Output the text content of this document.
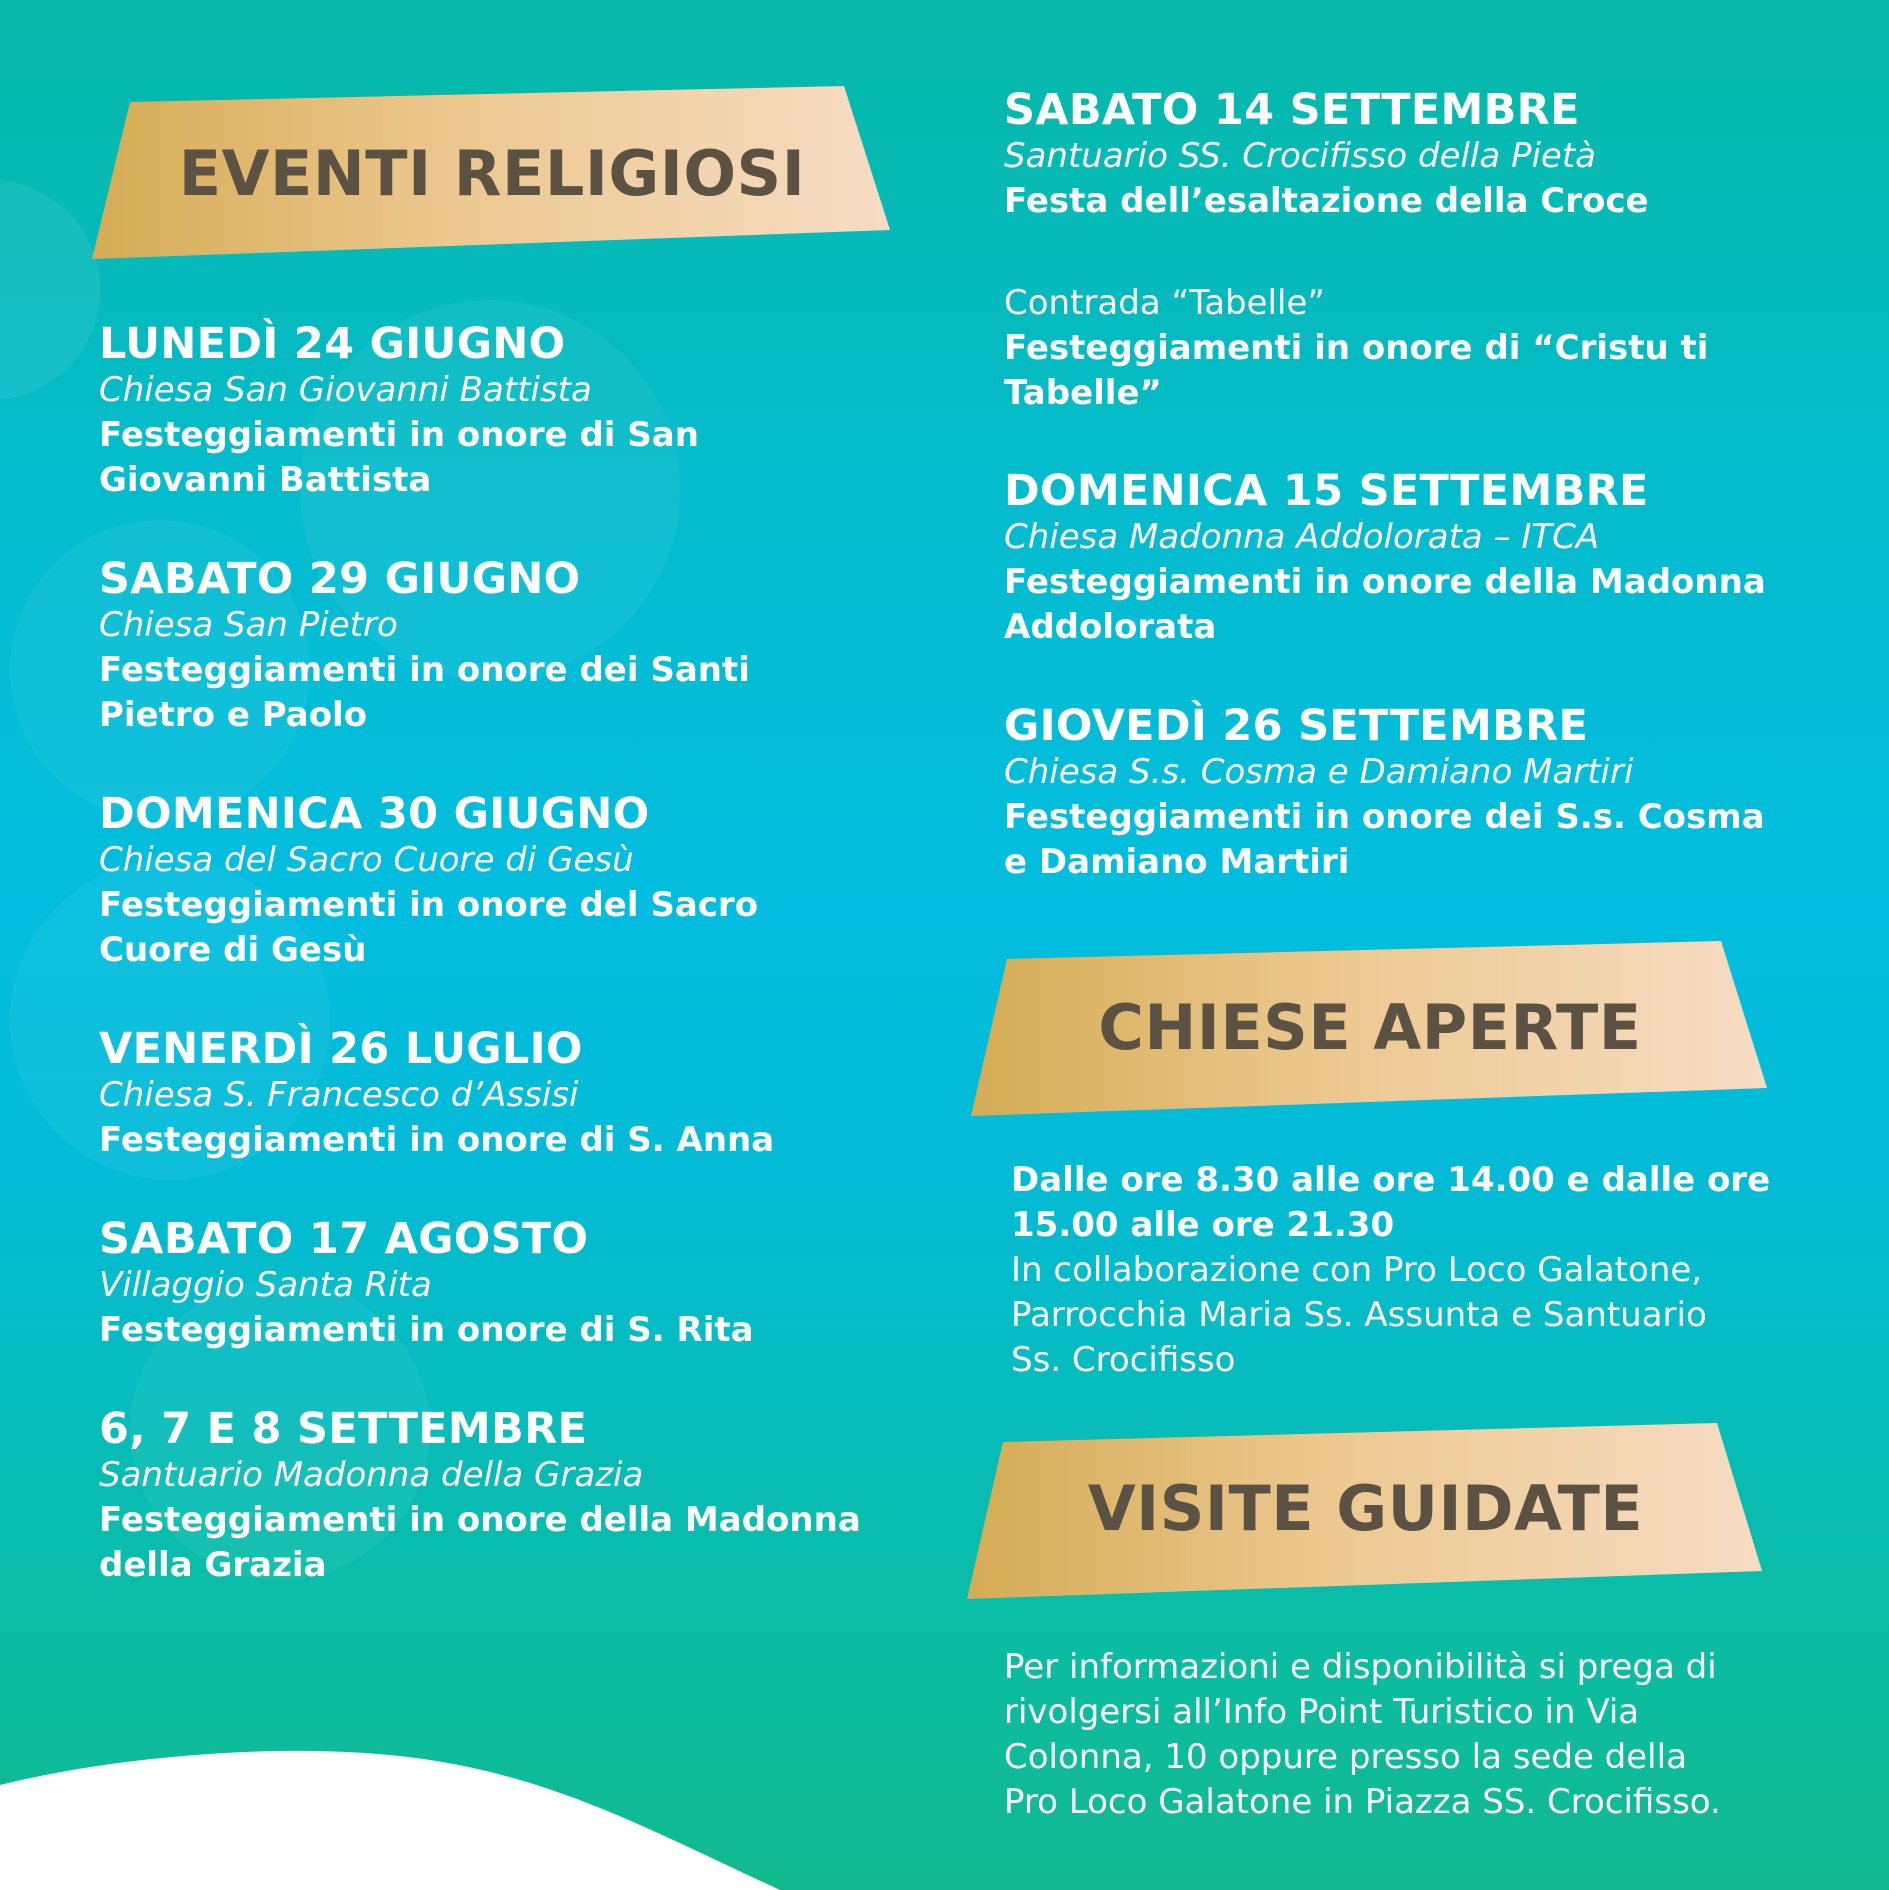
EVENTI RELIGIOSI
LUNEDÌ 24 GIUGNO
Chiesa San Giovanni Battista
Festeggiamenti in onore di San
Giovanni Battista
SABATO 29 GIUGNO
Chiesa San Pietro
Festeggiamenti in onore dei Santi
Pietro e Paolo
DOMENICA 30 GIUGNO
Chiesa del Sacro Cuore di Gesù
Festeggiamenti in onore del Sacro
Cuore di Gesù
VENERDÌ 26 LUGLIO
Chiesa S. Francesco d’Assisi
Festeggiamenti in onore di S. Anna
SABATO 17 AGOSTO
Villaggio Santa Rita
Festeggiamenti in onore di S. Rita
6, 7 E 8 SETTEMBRE
Santuario Madonna della Grazia
Festeggiamenti in onore della Madonna
della Grazia
SABATO 14 SETTEMBRE
Santuario SS. Crocifisso della Pietà
Festa dell’esaltazione della Croce
Contrada “Tabelle”
Festeggiamenti in onore di “Cristu ti
Tabelle”
DOMENICA 15 SETTEMBRE
Chiesa Madonna Addolorata – ITCA
Festeggiamenti in onore della Madonna
Addolorata
GIOVEDÌ 26 SETTEMBRE
Chiesa S.s. Cosma e Damiano Martiri
Festeggiamenti in onore dei S.s. Cosma
e Damiano Martiri
CHIESE APERTE
Dalle ore 8.30 alle ore 14.00 e dalle ore
15.00 alle ore 21.30
In collaborazione con Pro Loco Galatone,
Parrocchia Maria Ss. Assunta e Santuario
Ss. Crocifisso
VISITE GUIDATE
Per informazioni e disponibilità si prega di
rivolgersi all’Info Point Turistico in Via
Colonna, 10 oppure presso la sede della
Pro Loco Galatone in Piazza SS. Crocifisso.
